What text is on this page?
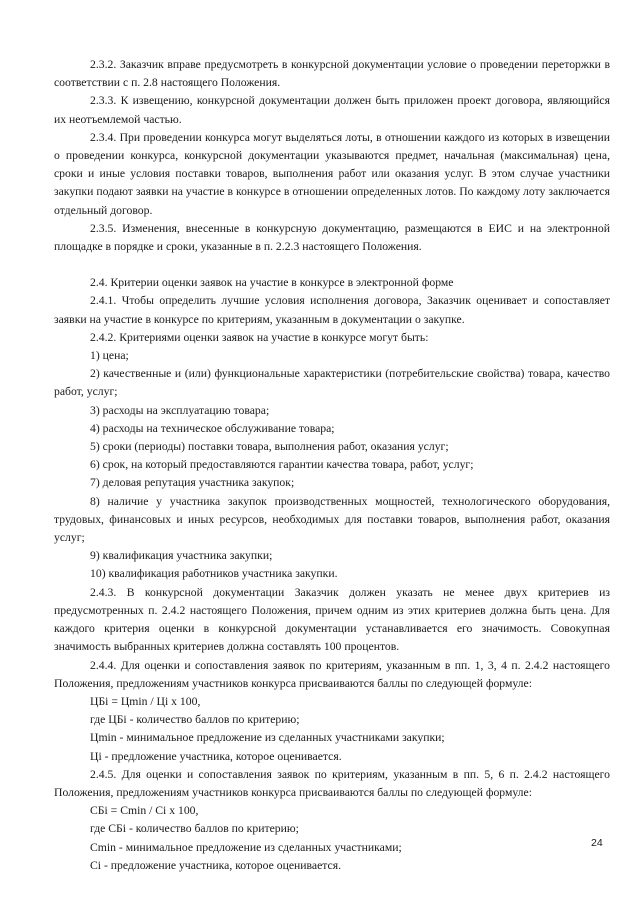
2.3.2. Заказчик вправе предусмотреть в конкурсной документации условие о проведении переторжки в соответствии с п. 2.8 настоящего Положения.

2.3.3. К извещению, конкурсной документации должен быть приложен проект договора, являющийся их неотъемлемой частью.

2.3.4. При проведении конкурса могут выделяться лоты, в отношении каждого из которых в извещении о проведении конкурса, конкурсной документации указываются предмет, начальная (максимальная) цена, сроки и иные условия поставки товаров, выполнения работ или оказания услуг. В этом случае участники закупки подают заявки на участие в конкурсе в отношении определенных лотов. По каждому лоту заключается отдельный договор.

2.3.5. Изменения, внесенные в конкурсную документацию, размещаются в ЕИС и на электронной площадке в порядке и сроки, указанные в п. 2.2.3 настоящего Положения.

2.4. Критерии оценки заявок на участие в конкурсе в электронной форме

2.4.1. Чтобы определить лучшие условия исполнения договора, Заказчик оценивает и сопоставляет заявки на участие в конкурсе по критериям, указанным в документации о закупке.

2.4.2. Критериями оценки заявок на участие в конкурсе могут быть:

1) цена;

2) качественные и (или) функциональные характеристики (потребительские свойства) товара, качество работ, услуг;

3) расходы на эксплуатацию товара;

4) расходы на техническое обслуживание товара;

5) сроки (периоды) поставки товара, выполнения работ, оказания услуг;

6) срок, на который предоставляются гарантии качества товара, работ, услуг;

7) деловая репутация участника закупок;

8) наличие у участника закупок производственных мощностей, технологического оборудования, трудовых, финансовых и иных ресурсов, необходимых для поставки товаров, выполнения работ, оказания услуг;

9) квалификация участника закупки;

10) квалификация работников участника закупки.

2.4.3. В конкурсной документации Заказчик должен указать не менее двух критериев из предусмотренных п. 2.4.2 настоящего Положения, причем одним из этих критериев должна быть цена. Для каждого критерия оценки в конкурсной документации устанавливается его значимость. Совокупная значимость выбранных критериев должна составлять 100 процентов.

2.4.4. Для оценки и сопоставления заявок по критериям, указанным в пп. 1, 3, 4 п. 2.4.2 настоящего Положения, предложениям участников конкурса присваиваются баллы по следующей формуле:

ЦБi = Цmin / Цi x 100,

где ЦБi - количество баллов по критерию;

Цmin - минимальное предложение из сделанных участниками закупки;

Цi - предложение участника, которое оценивается.

2.4.5. Для оценки и сопоставления заявок по критериям, указанным в пп. 5, 6 п. 2.4.2 настоящего Положения, предложениям участников конкурса присваиваются баллы по следующей формуле:

СБi = Cmin / Ci x 100,

где СБi - количество баллов по критерию;

Cmin - минимальное предложение из сделанных участниками;

Ci - предложение участника, которое оценивается.

24
